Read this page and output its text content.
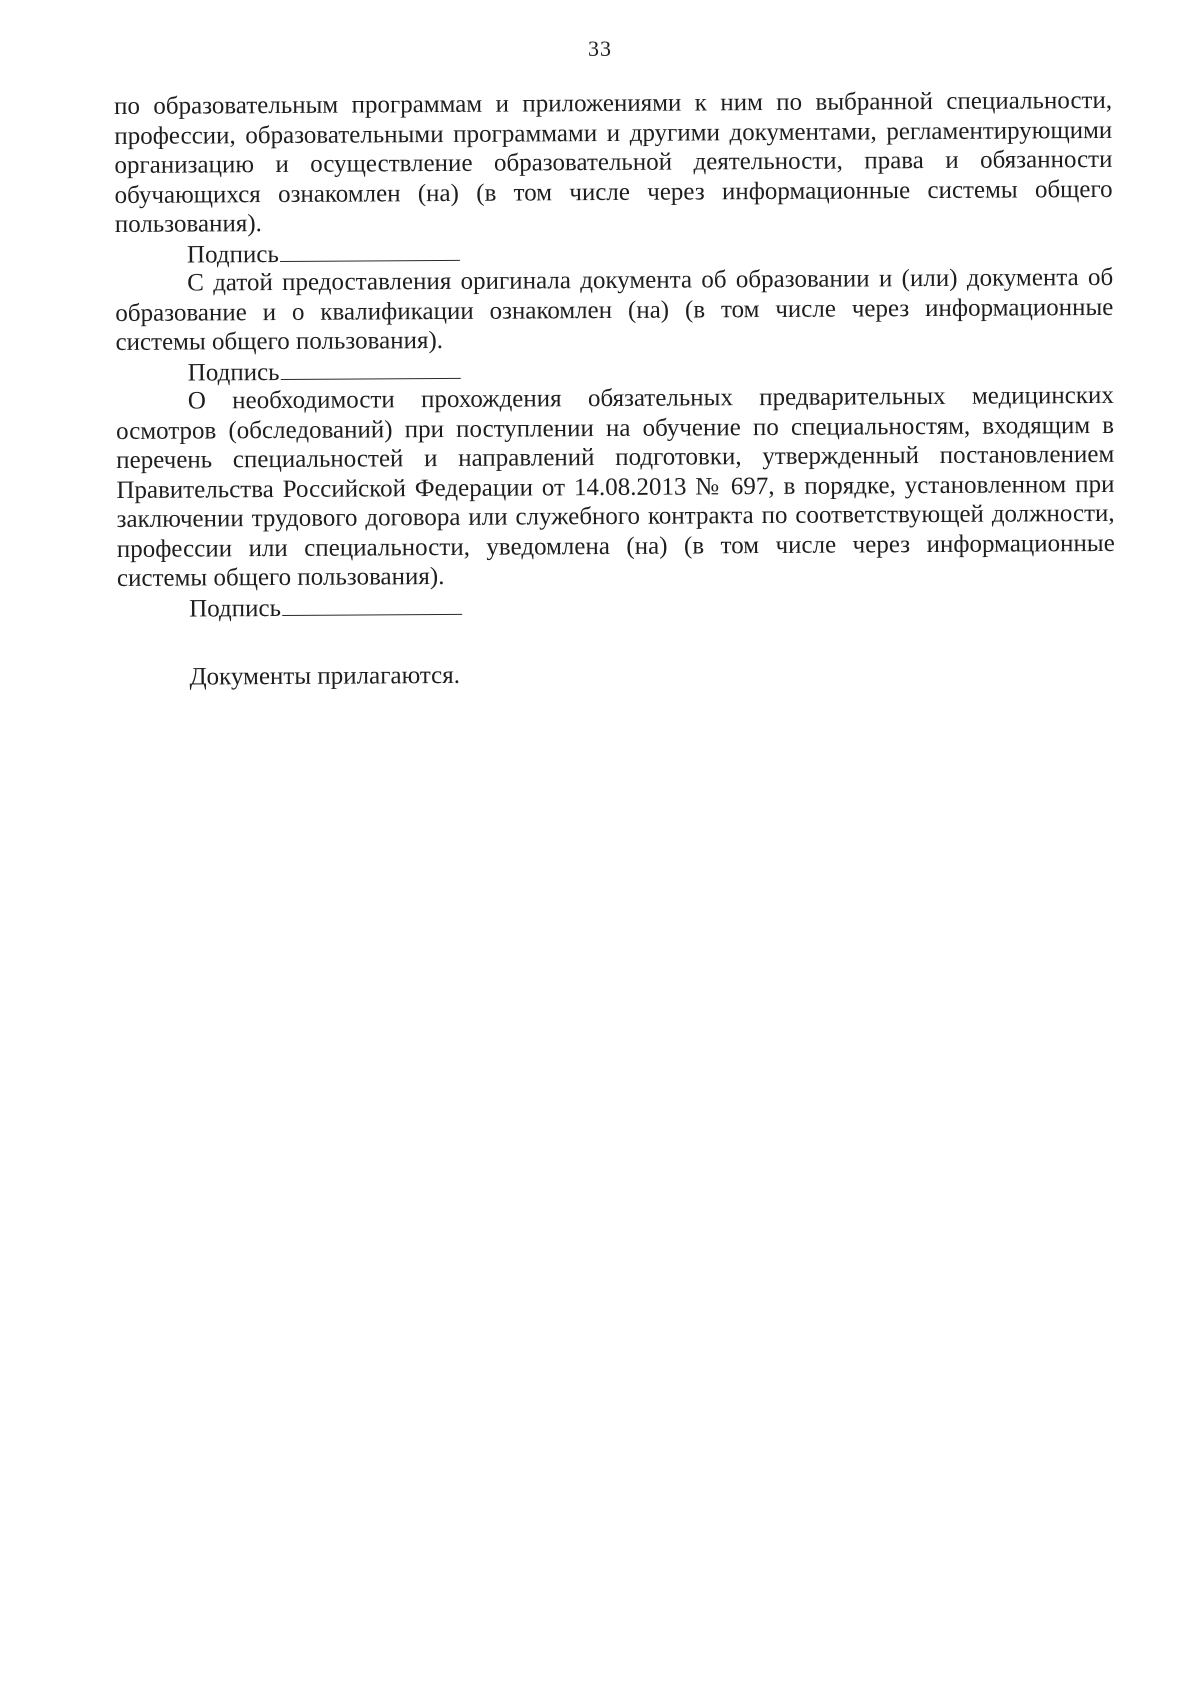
33

по образовательным программам и приложениями к ним по выбранной специальности, профессии, образовательными программами и другими документами, регламентирующими организацию и осуществление образовательной деятельности, права и обязанности обучающихся ознакомлен (на) (в том числе через информационные системы общего пользования).

Подпись

С датой предоставления оригинала документа об образовании и (или) документа об образование и о квалификации ознакомлен (на) (в том числе через информационные системы общего пользования).

Подпись

О необходимости прохождения обязательных предварительных медицинских осмотров (обследований) при поступлении на обучение по специальностям, входящим в перечень специальностей и направлений подготовки, утвержденный постановлением Правительства Российской Федерации от 14.08.2013 № 697, в порядке, установленном при заключении трудового договора или служебного контракта по соответствующей должности, профессии или специальности, уведомлена (на) (в том числе через информационные системы общего пользования).

Подпись

Документы прилагаются.
